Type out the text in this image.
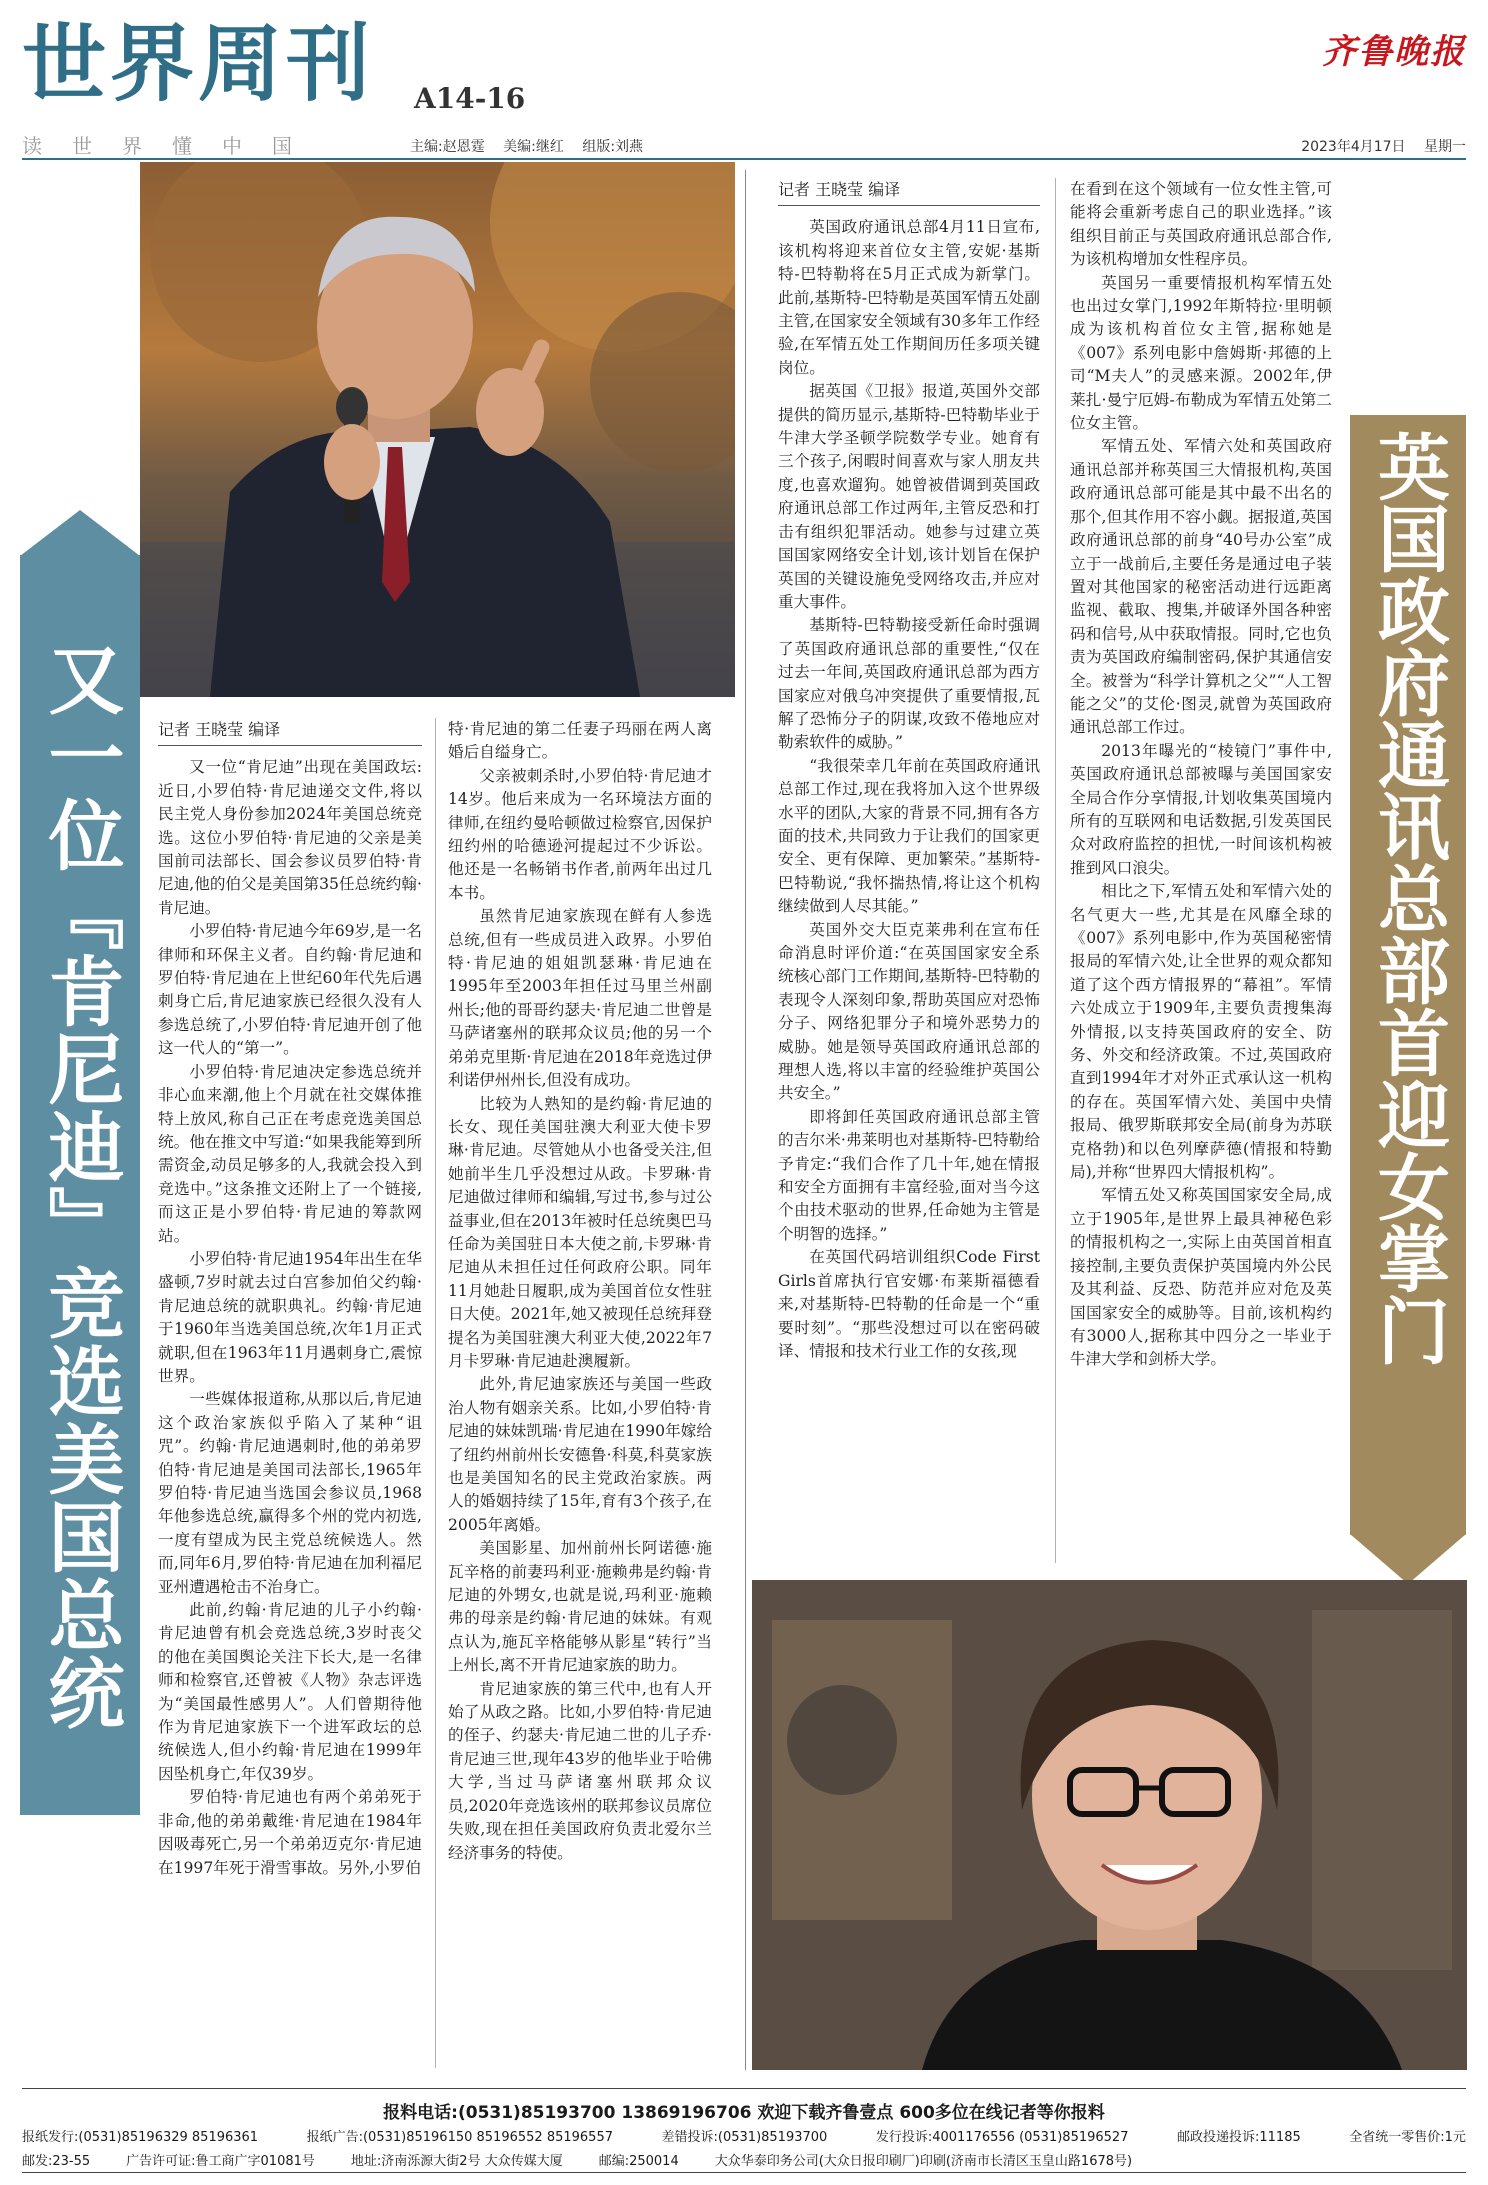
世界周刊 A14-16
读世界懂中国	主编:赵恩霆 美编:继红 组版:刘燕
齐鲁晚报
2023年4月17日 星期一
又一位『肯尼迪』竞选美国总统	英国政府通讯总部首迎女掌门

记者 王晓莹 编译

又一位“肯尼迪”出现在美国政坛:近日,小罗伯特·肯尼迪递交文件,将以民主党人身份参加2024年美国总统竞选。这位小罗伯特·肯尼迪的父亲是美国前司法部长、国会参议员罗伯特·肯尼迪,他的伯父是美国第35任总统约翰·肯尼迪。

小罗伯特·肯尼迪今年69岁,是一名律师和环保主义者。自约翰·肯尼迪和罗伯特·肯尼迪在上世纪60年代先后遇刺身亡后,肯尼迪家族已经很久没有人参选总统了,小罗伯特·肯尼迪开创了他这一代人的“第一”。

小罗伯特·肯尼迪决定参选总统并非心血来潮,他上个月就在社交媒体推特上放风,称自己正在考虑竞选美国总统。他在推文中写道:“如果我能筹到所需资金,动员足够多的人,我就会投入到竞选中。”这条推文还附上了一个链接,而这正是小罗伯特·肯尼迪的筹款网站。

小罗伯特·肯尼迪1954年出生在华盛顿,7岁时就去过白宫参加伯父约翰·肯尼迪总统的就职典礼。约翰·肯尼迪于1960年当选美国总统,次年1月正式就职,但在1963年11月遇刺身亡,震惊世界。

一些媒体报道称,从那以后,肯尼迪这个政治家族似乎陷入了某种“诅咒”。约翰·肯尼迪遇刺时,他的弟弟罗伯特·肯尼迪是美国司法部长,1965年罗伯特·肯尼迪当选国会参议员,1968年他参选总统,赢得多个州的党内初选,一度有望成为民主党总统候选人。然而,同年6月,罗伯特·肯尼迪在加利福尼亚州遭遇枪击不治身亡。

此前,约翰·肯尼迪的儿子小约翰·肯尼迪曾有机会竞选总统,3岁时丧父的他在美国舆论关注下长大,是一名律师和检察官,还曾被《人物》杂志评选为“美国最性感男人”。人们曾期待他作为肯尼迪家族下一个进军政坛的总统候选人,但小约翰·肯尼迪在1999年因坠机身亡,年仅39岁。

罗伯特·肯尼迪也有两个弟弟死于非命,他的弟弟戴维·肯尼迪在1984年因吸毒死亡,另一个弟弟迈克尔·肯尼迪在1997年死于滑雪事故。另外,小罗伯

特·肯尼迪的第二任妻子玛丽在两人离婚后自缢身亡。

父亲被刺杀时,小罗伯特·肯尼迪才14岁。他后来成为一名环境法方面的律师,在纽约曼哈顿做过检察官,因保护纽约州的哈德逊河提起过不少诉讼。他还是一名畅销书作者,前两年出过几本书。

虽然肯尼迪家族现在鲜有人参选总统,但有一些成员进入政界。小罗伯特·肯尼迪的姐姐凯瑟琳·肯尼迪在1995年至2003年担任过马里兰州副州长;他的哥哥约瑟夫·肯尼迪二世曾是马萨诸塞州的联邦众议员;他的另一个弟弟克里斯·肯尼迪在2018年竞选过伊利诺伊州州长,但没有成功。

比较为人熟知的是约翰·肯尼迪的长女、现任美国驻澳大利亚大使卡罗琳·肯尼迪。尽管她从小也备受关注,但她前半生几乎没想过从政。卡罗琳·肯尼迪做过律师和编辑,写过书,参与过公益事业,但在2013年被时任总统奥巴马任命为美国驻日本大使之前,卡罗琳·肯尼迪从未担任过任何政府公职。同年11月她赴日履职,成为美国首位女性驻日大使。2021年,她又被现任总统拜登提名为美国驻澳大利亚大使,2022年7月卡罗琳·肯尼迪赴澳履新。

此外,肯尼迪家族还与美国一些政治人物有姻亲关系。比如,小罗伯特·肯尼迪的妹妹凯瑞·肯尼迪在1990年嫁给了纽约州前州长安德鲁·科莫,科莫家族也是美国知名的民主党政治家族。两人的婚姻持续了15年,育有3个孩子,在2005年离婚。

美国影星、加州前州长阿诺德·施瓦辛格的前妻玛利亚·施赖弗是约翰·肯尼迪的外甥女,也就是说,玛利亚·施赖弗的母亲是约翰·肯尼迪的妹妹。有观点认为,施瓦辛格能够从影星“转行”当上州长,离不开肯尼迪家族的助力。

肯尼迪家族的第三代中,也有人开始了从政之路。比如,小罗伯特·肯尼迪的侄子、约瑟夫·肯尼迪二世的儿子乔·肯尼迪三世,现年43岁的他毕业于哈佛大学,当过马萨诸塞州联邦众议员,2020年竞选该州的联邦参议员席位失败,现在担任美国政府负责北爱尔兰经济事务的特使。

记者 王晓莹 编译

英国政府通讯总部4月11日宣布,该机构将迎来首位女主管,安妮·基斯特-巴特勒将在5月正式成为新掌门。此前,基斯特-巴特勒是英国军情五处副主管,在国家安全领域有30多年工作经验,在军情五处工作期间历任多项关键岗位。

据英国《卫报》报道,英国外交部提供的简历显示,基斯特-巴特勒毕业于牛津大学圣顿学院数学专业。她育有三个孩子,闲暇时间喜欢与家人朋友共度,也喜欢遛狗。她曾被借调到英国政府通讯总部工作过两年,主管反恐和打击有组织犯罪活动。她参与过建立英国国家网络安全计划,该计划旨在保护英国的关键设施免受网络攻击,并应对重大事件。

基斯特-巴特勒接受新任命时强调了英国政府通讯总部的重要性,“仅在过去一年间,英国政府通讯总部为西方国家应对俄乌冲突提供了重要情报,瓦解了恐怖分子的阴谋,攻致不倦地应对勒索软件的威胁。”

“我很荣幸几年前在英国政府通讯总部工作过,现在我将加入这个世界级水平的团队,大家的背景不同,拥有各方面的技术,共同致力于让我们的国家更安全、更有保障、更加繁荣。”基斯特-巴特勒说,“我怀揣热情,将让这个机构继续做到人尽其能。”

英国外交大臣克莱弗利在宣布任命消息时评价道:“在英国国家安全系统核心部门工作期间,基斯特-巴特勒的表现令人深刻印象,帮助英国应对恐怖分子、网络犯罪分子和境外恶势力的威胁。她是领导英国政府通讯总部的理想人选,将以丰富的经验维护英国公共安全。”

即将卸任英国政府通讯总部主管的吉尔米·弗莱明也对基斯特-巴特勒给予肯定:“我们合作了几十年,她在情报和安全方面拥有丰富经验,面对当今这个由技术驱动的世界,任命她为主管是个明智的选择。”

在英国代码培训组织Code First Girls首席执行官安娜·布莱斯福德看来,对基斯特-巴特勒的任命是一个“重要时刻”。“那些没想过可以在密码破译、情报和技术行业工作的女孩,现

在看到在这个领域有一位女性主管,可能将会重新考虑自己的职业选择。”该组织目前正与英国政府通讯总部合作,为该机构增加女性程序员。

英国另一重要情报机构军情五处也出过女掌门,1992年斯特拉·里明顿成为该机构首位女主管,据称她是《007》系列电影中詹姆斯·邦德的上司“M夫人”的灵感来源。2002年,伊莱扎·曼宁厄姆-布勒成为军情五处第二位女主管。

军情五处、军情六处和英国政府通讯总部并称英国三大情报机构,英国政府通讯总部可能是其中最不出名的那个,但其作用不容小觑。据报道,英国政府通讯总部的前身“40号办公室”成立于一战前后,主要任务是通过电子装置对其他国家的秘密活动进行远距离监视、截取、搜集,并破译外国各种密码和信号,从中获取情报。同时,它也负责为英国政府编制密码,保护其通信安全。被誉为“科学计算机之父”“人工智能之父”的艾伦·图灵,就曾为英国政府通讯总部工作过。

2013年曝光的“棱镜门”事件中,英国政府通讯总部被曝与美国国家安全局合作分享情报,计划收集英国境内所有的互联网和电话数据,引发英国民众对政府监控的担忧,一时间该机构被推到风口浪尖。

相比之下,军情五处和军情六处的名气更大一些,尤其是在风靡全球的《007》系列电影中,作为英国秘密情报局的军情六处,让全世界的观众都知道了这个西方情报界的“幕祖”。军情六处成立于1909年,主要负责搜集海外情报,以支持英国政府的安全、防务、外交和经济政策。不过,英国政府直到1994年才对外正式承认这一机构的存在。英国军情六处、美国中央情报局、俄罗斯联邦安全局(前身为苏联克格勃)和以色列摩萨德(情报和特勤局),并称“世界四大情报机构”。

军情五处又称英国国家安全局,成立于1905年,是世界上最具神秘色彩的情报机构之一,实际上由英国首相直接控制,主要负责保护英国境内外公民及其利益、反恐、防范并应对危及英国国家安全的威胁等。目前,该机构约有3000人,据称其中四分之一毕业于牛津大学和剑桥大学。

报料电话:(0531)85193700 13869196706 欢迎下载齐鲁壹点 600多位在线记者等你报料
报纸发行:(0531)85196329 85196361	报纸广告:(0531)85196150 85196552 85196557	差错投诉:(0531)85193700	发行投诉:4001176556 (0531)85196527	邮政投递投诉:11185	全省统一零售价:1元
邮发:23-55	广告许可证:鲁工商广字01081号	地址:济南泺源大街2号 大众传媒大厦	邮编:250014	大众华泰印务公司(大众日报印刷厂)印刷(济南市长清区玉皇山路1678号)
